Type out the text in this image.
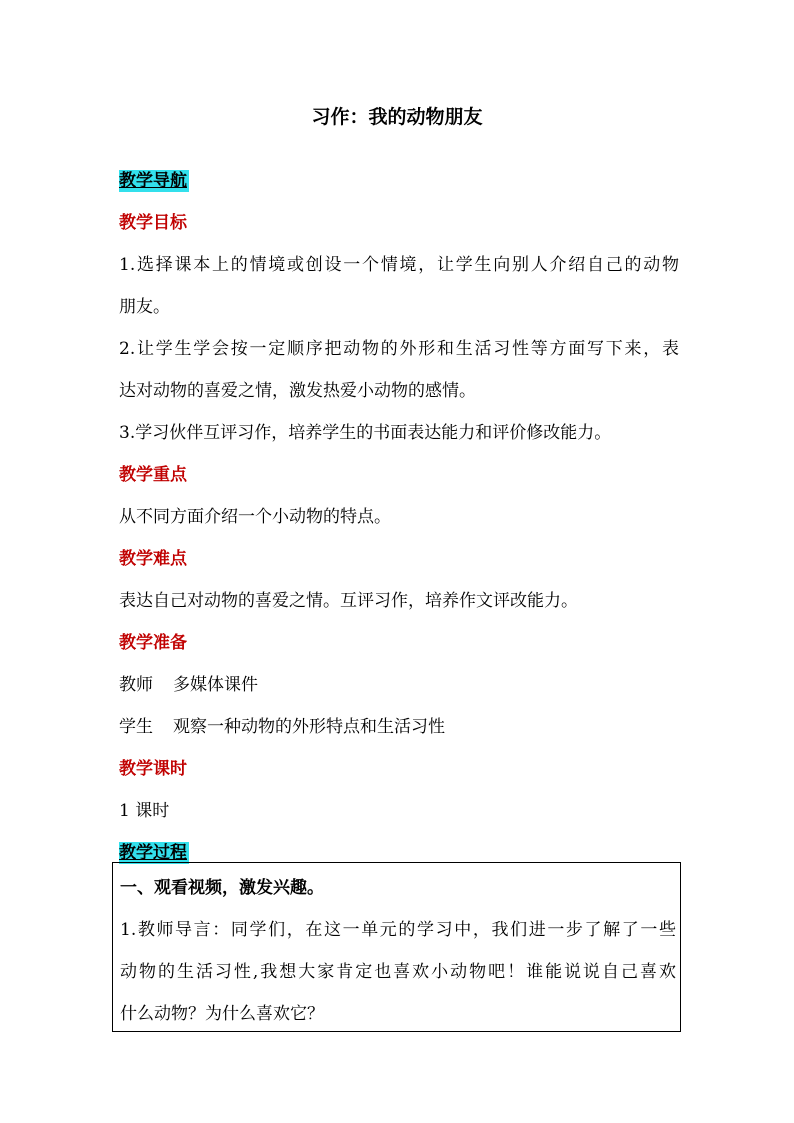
习作：我的动物朋友
教学导航
教学目标
1.选择课本上的情境或创设一个情境，让学生向别人介绍自己的动物
朋友。
2.让学生学会按一定顺序把动物的外形和生活习性等方面写下来，表
达对动物的喜爱之情，激发热爱小动物的感情。
3.学习伙伴互评习作，培养学生的书面表达能力和评价修改能力。
教学重点
从不同方面介绍一个小动物的特点。
教学难点
表达自己对动物的喜爱之情。互评习作，培养作文评改能力。
教学准备
教师 多媒体课件
学生 观察一种动物的外形特点和生活习性
教学课时
1 课时
教学过程
一、观看视频，激发兴趣。
1.教师导言：同学们，在这一单元的学习中，我们进一步了解了一些
动物的生活习性,我想大家肯定也喜欢小动物吧！谁能说说自己喜欢
什么动物？为什么喜欢它？
